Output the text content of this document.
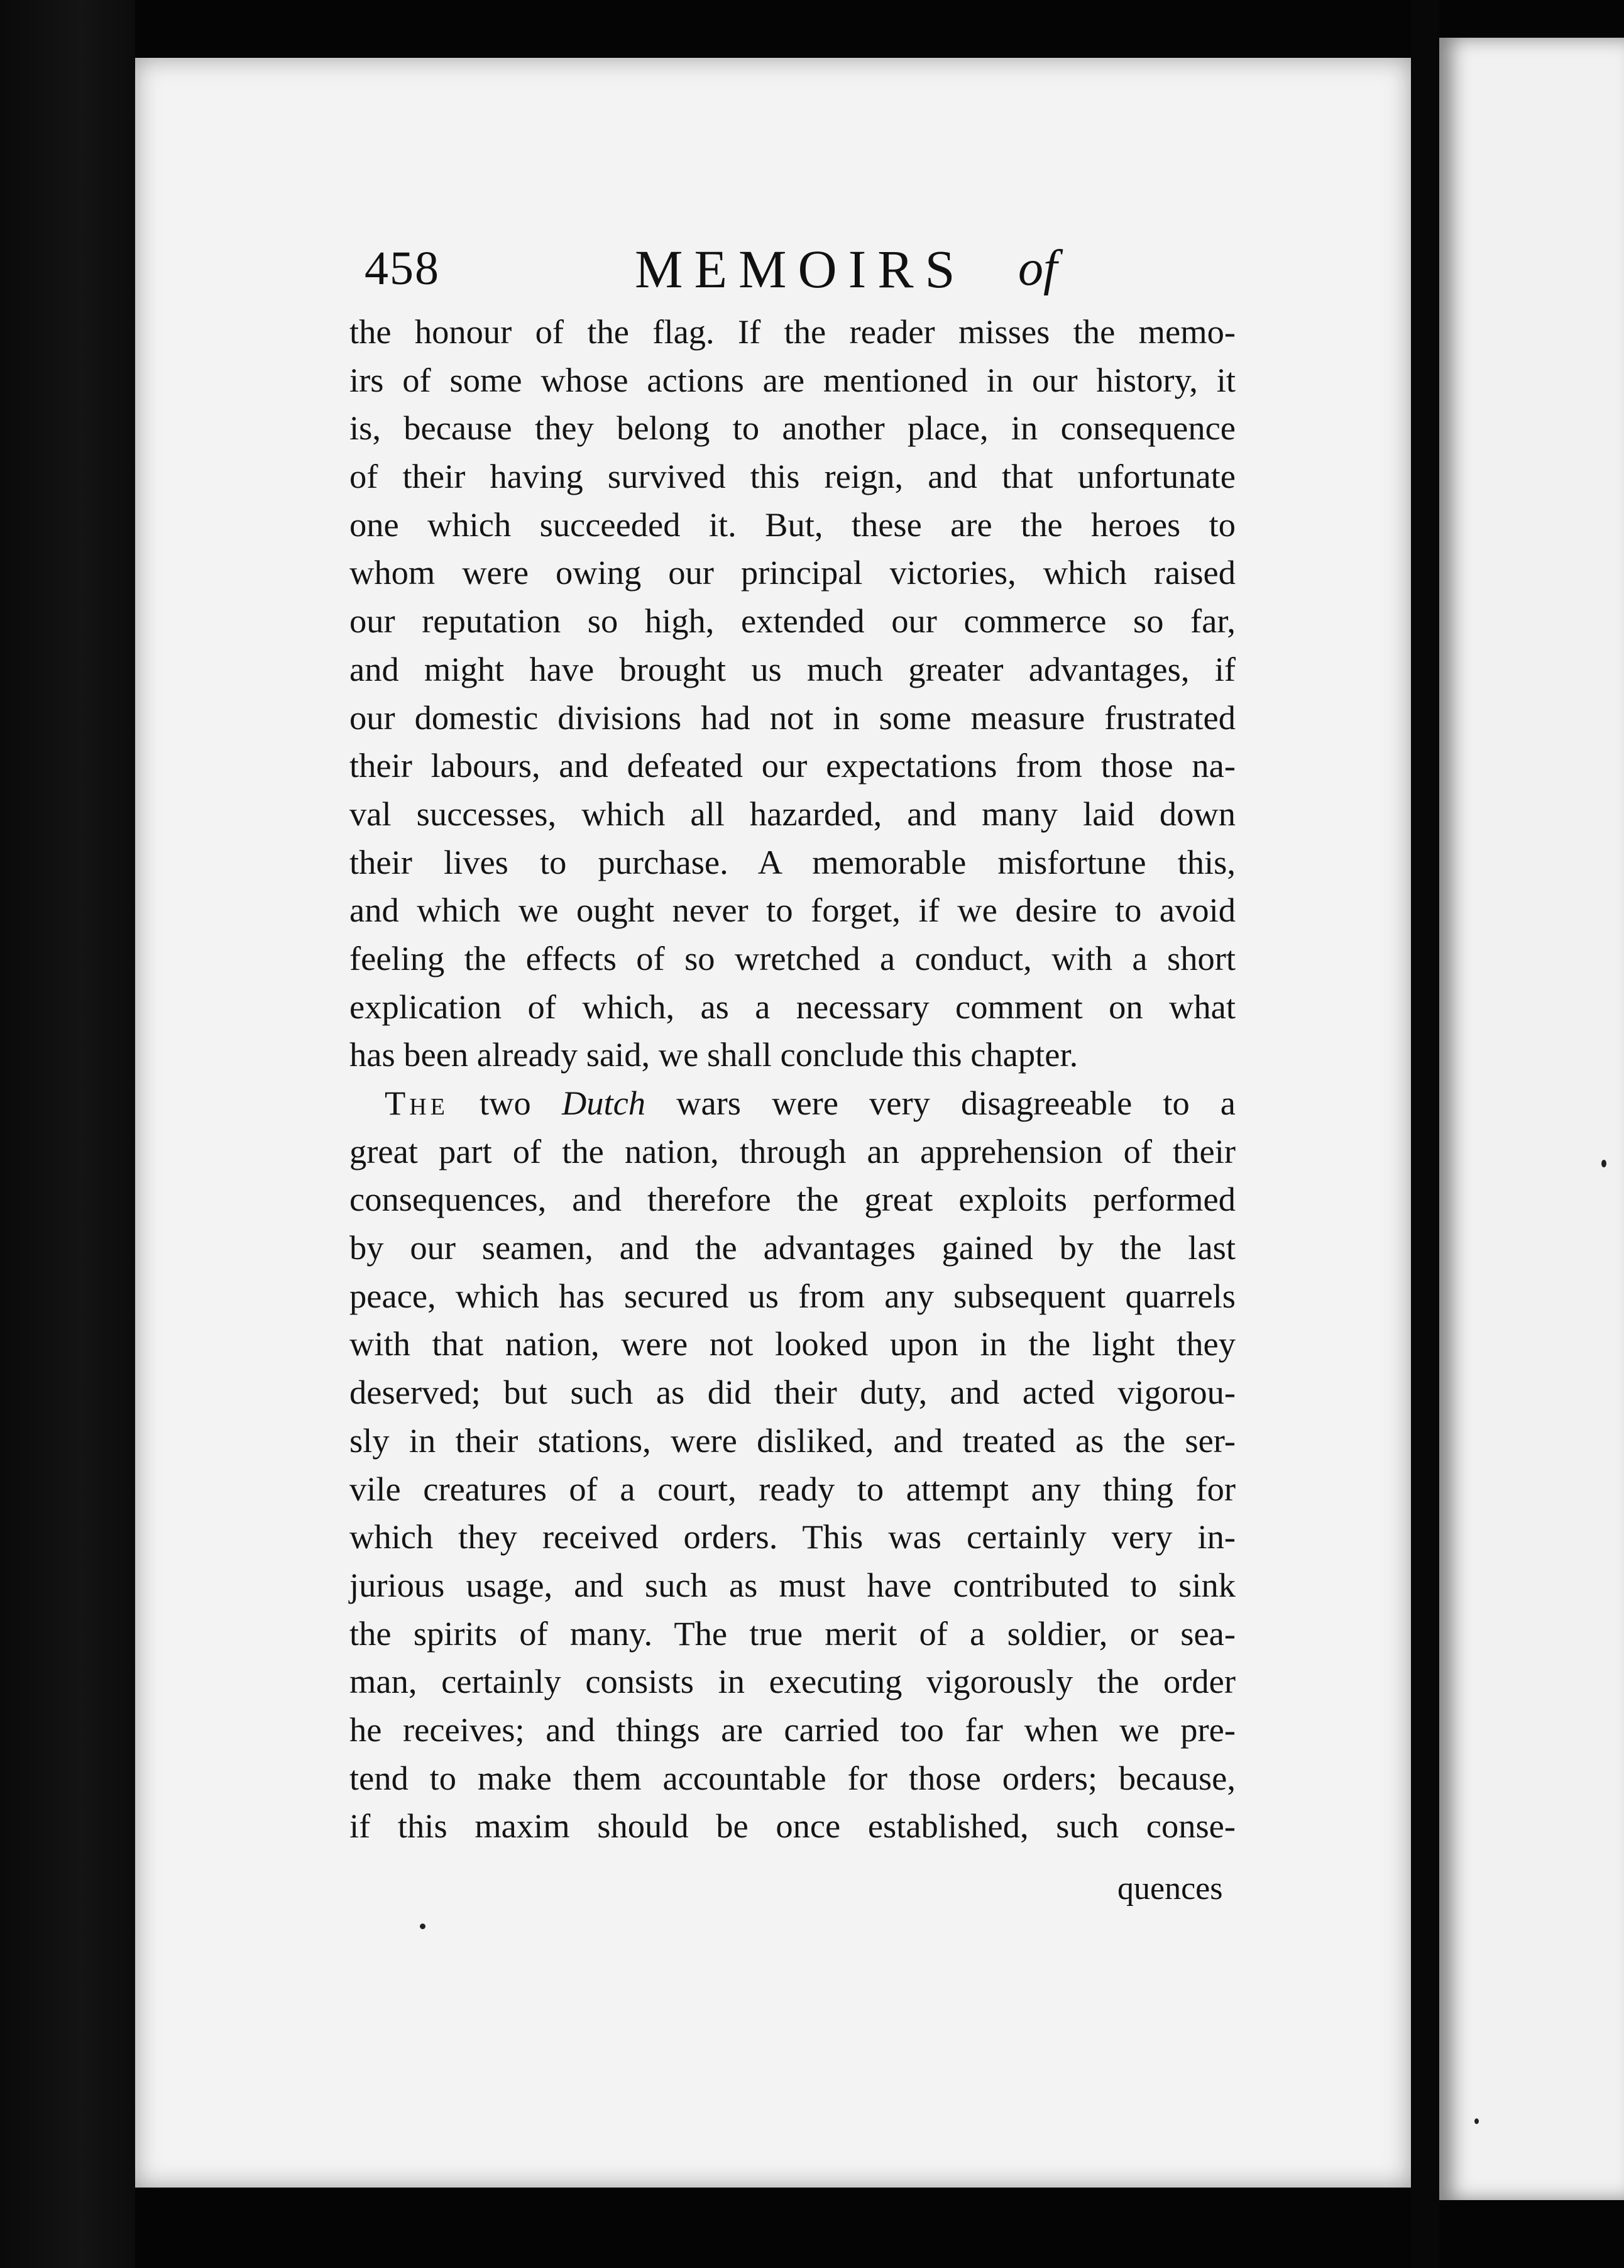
458	MEMOIRS of
the honour of the flag. If the reader misses the memo-
irs of some whose actions are mentioned in our history, it
is, because they belong to another place, in consequence
of their having survived this reign, and that unfortunate
one which succeeded it. But, these are the heroes to
whom were owing our principal victories, which raised
our reputation so high, extended our commerce so far,
and might have brought us much greater advantages, if
our domestic divisions had not in some measure frustrated
their labours, and defeated our expectations from those na-
val successes, which all hazarded, and many laid down
their lives to purchase. A memorable misfortune this,
and which we ought never to forget, if we desire to avoid
feeling the effects of so wretched a conduct, with a short
explication of which, as a necessary comment on what
has been already said, we shall conclude this chapter.
The two Dutch wars were very disagreeable to a
great part of the nation, through an apprehension of their
consequences, and therefore the great exploits performed
by our seamen, and the advantages gained by the last
peace, which has secured us from any subsequent quarrels
with that nation, were not looked upon in the light they
deserved; but such as did their duty, and acted vigorou-
sly in their stations, were disliked, and treated as the ser-
vile creatures of a court, ready to attempt any thing for
which they received orders. This was certainly very in-
jurious usage, and such as must have contributed to sink
the spirits of many. The true merit of a soldier, or sea-
man, certainly consists in executing vigorously the order
he receives; and things are carried too far when we pre-
tend to make them accountable for those orders; because,
if this maxim should be once established, such conse-
quences
